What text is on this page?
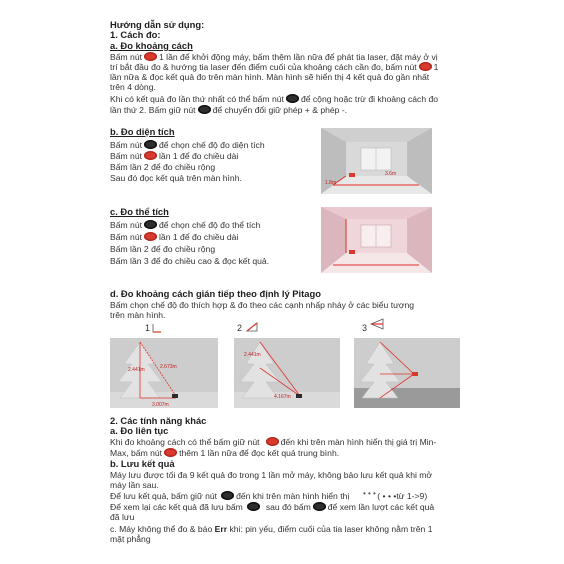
Hướng dẫn sử dụng:
1. Cách đo:
a. Đo khoảng cách
Bấm nút 1 lần để khởi động máy, bấm thêm lần nữa để phát tia laser, đặt máy ở vị
trí bắt đầu đo & hướng tia laser đến điểm cuối của khoảng cách cần đo, bấm nút 1
lần nữa & đọc kết quả đo trên màn hình. Màn hình sẽ hiển thị 4 kết quả đo gần nhất
trên 4 dòng.
Khi có kết quả đo lần thứ nhất có thể bấm nút để cộng hoặc trừ đi khoảng cách đo
lần thứ 2. Bấm giữ nút để chuyển đổi giữ phép + & phép -.
b. Đo diện tích
Bấm nút để chọn chế độ đo diện tích
Bấm nút lần 1 để đo chiều dài
Bấm lần 2 để đo chiều rộng
Sau đó đọc kết quả trên màn hình.	3.6m
1.8m
c. Đo thể tích
Bấm nút để chọn chế độ đo thể tích
Bấm nút lần 1 để đo chiều dài
Bấm lần 2 để đo chiều rộng
Bấm lần 3 để đo chiều cao & đọc kết quả.
d. Đo khoảng cách gián tiếp theo định lý Pitago
Bấm chọn chế độ đo thích hợp & đo theo các cạnh nhấp nháy ở các biểu tượng
trên màn hình.
1	2	3
2.441m	2.673m
3.007m
2.441m
4.167m
2. Các tính năng khác
a. Đo liên tục
Khi đo khoảng cách có thể bấm giữ nút đến khi trên màn hình hiển thị giá trị Min-
Max, bấm nút thêm 1 lần nữa để đọc kết quả trung bình.
b. Lưu kết quả
Máy lưu được tối đa 9 kết quả đo trong 1 lần mở máy, không bảo lưu kết quả khi mở
máy lần sau.
Để lưu kết quả, bấm giữ nút đến khi trên màn hình hiển thị	( • • •từ 1->9)
• • •
Để xem lại các kết quả đã lưu bấm	sau đó bấm để xem lần lượt các kết quả
đã lưu
c. Máy không thể đo & báo Err khi: pin yếu, điểm cuối của tia laser không nằm trên 1
mặt phẳng
